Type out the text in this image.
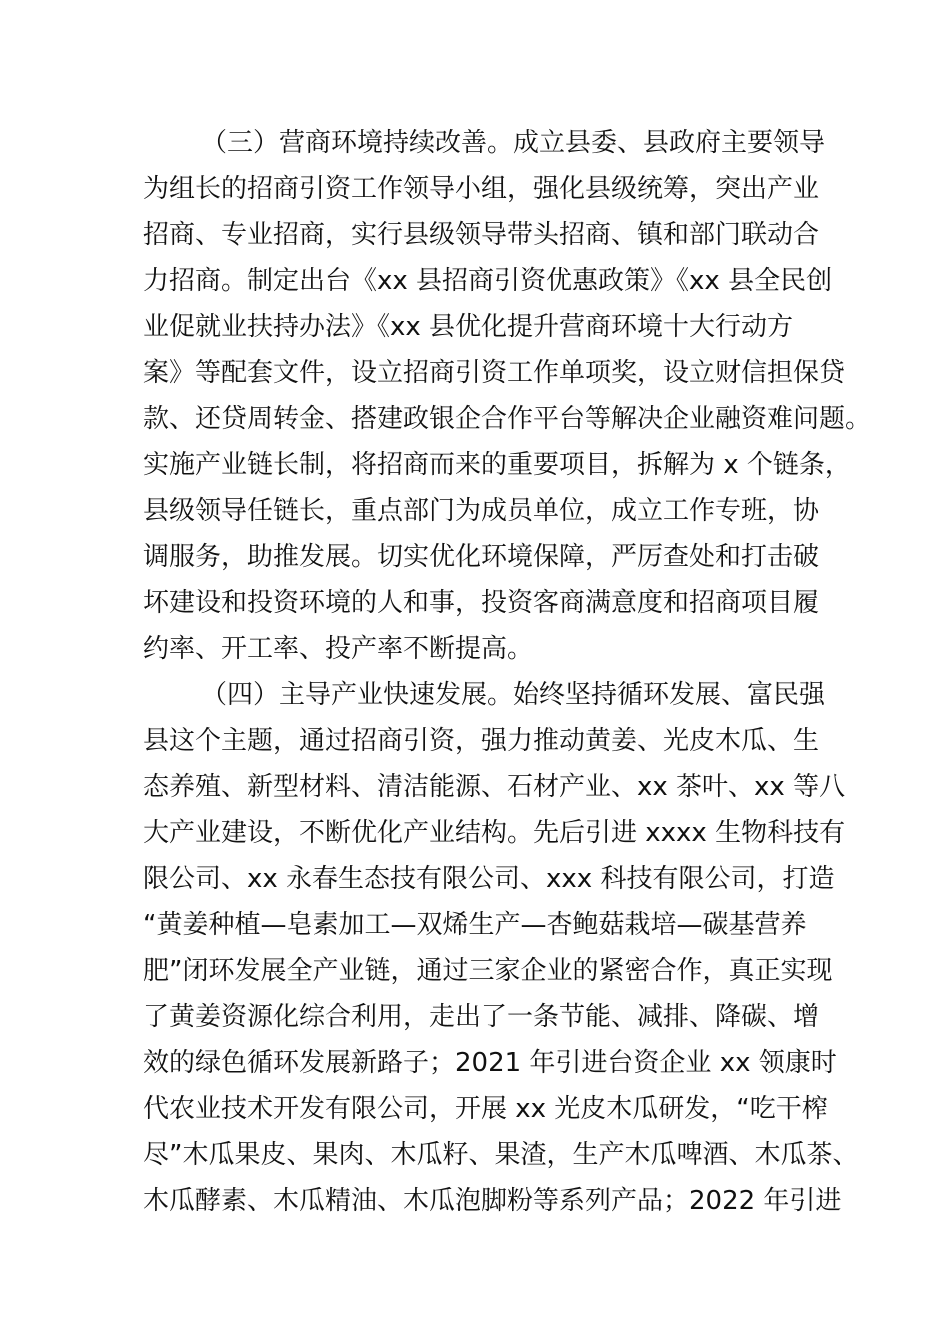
（三）营商环境持续改善。成立县委、县政府主要领导
为组长的招商引资工作领导小组，强化县级统筹，突出产业
招商、专业招商，实行县级领导带头招商、镇和部门联动合
力招商。制定出台《xx 县招商引资优惠政策》《xx 县全民创
业促就业扶持办法》《xx 县优化提升营商环境十大行动方
案》等配套文件，设立招商引资工作单项奖，设立财信担保贷
款、还贷周转金、搭建政银企合作平台等解决企业融资难问题。
实施产业链长制，将招商而来的重要项目，拆解为 x 个链条，
县级领导任链长，重点部门为成员单位，成立工作专班，协
调服务，助推发展。切实优化环境保障，严厉查处和打击破
坏建设和投资环境的人和事，投资客商满意度和招商项目履
约率、开工率、投产率不断提高。
（四）主导产业快速发展。始终坚持循环发展、富民强
县这个主题，通过招商引资，强力推动黄姜、光皮木瓜、生
态养殖、新型材料、清洁能源、石材产业、xx 茶叶、xx 等八
大产业建设，不断优化产业结构。先后引进 xxxx 生物科技有
限公司、xx 永春生态技有限公司、xxx 科技有限公司，打造
“黄姜种植—皂素加工—双烯生产—杏鲍菇栽培—碳基营养
肥”闭环发展全产业链，通过三家企业的紧密合作，真正实现
了黄姜资源化综合利用，走出了一条节能、减排、降碳、增
效的绿色循环发展新路子；2021 年引进台资企业 xx 领康时
代农业技术开发有限公司，开展 xx 光皮木瓜研发，“吃干榨
尽”木瓜果皮、果肉、木瓜籽、果渣，生产木瓜啤酒、木瓜茶、
木瓜酵素、木瓜精油、木瓜泡脚粉等系列产品；2022 年引进
